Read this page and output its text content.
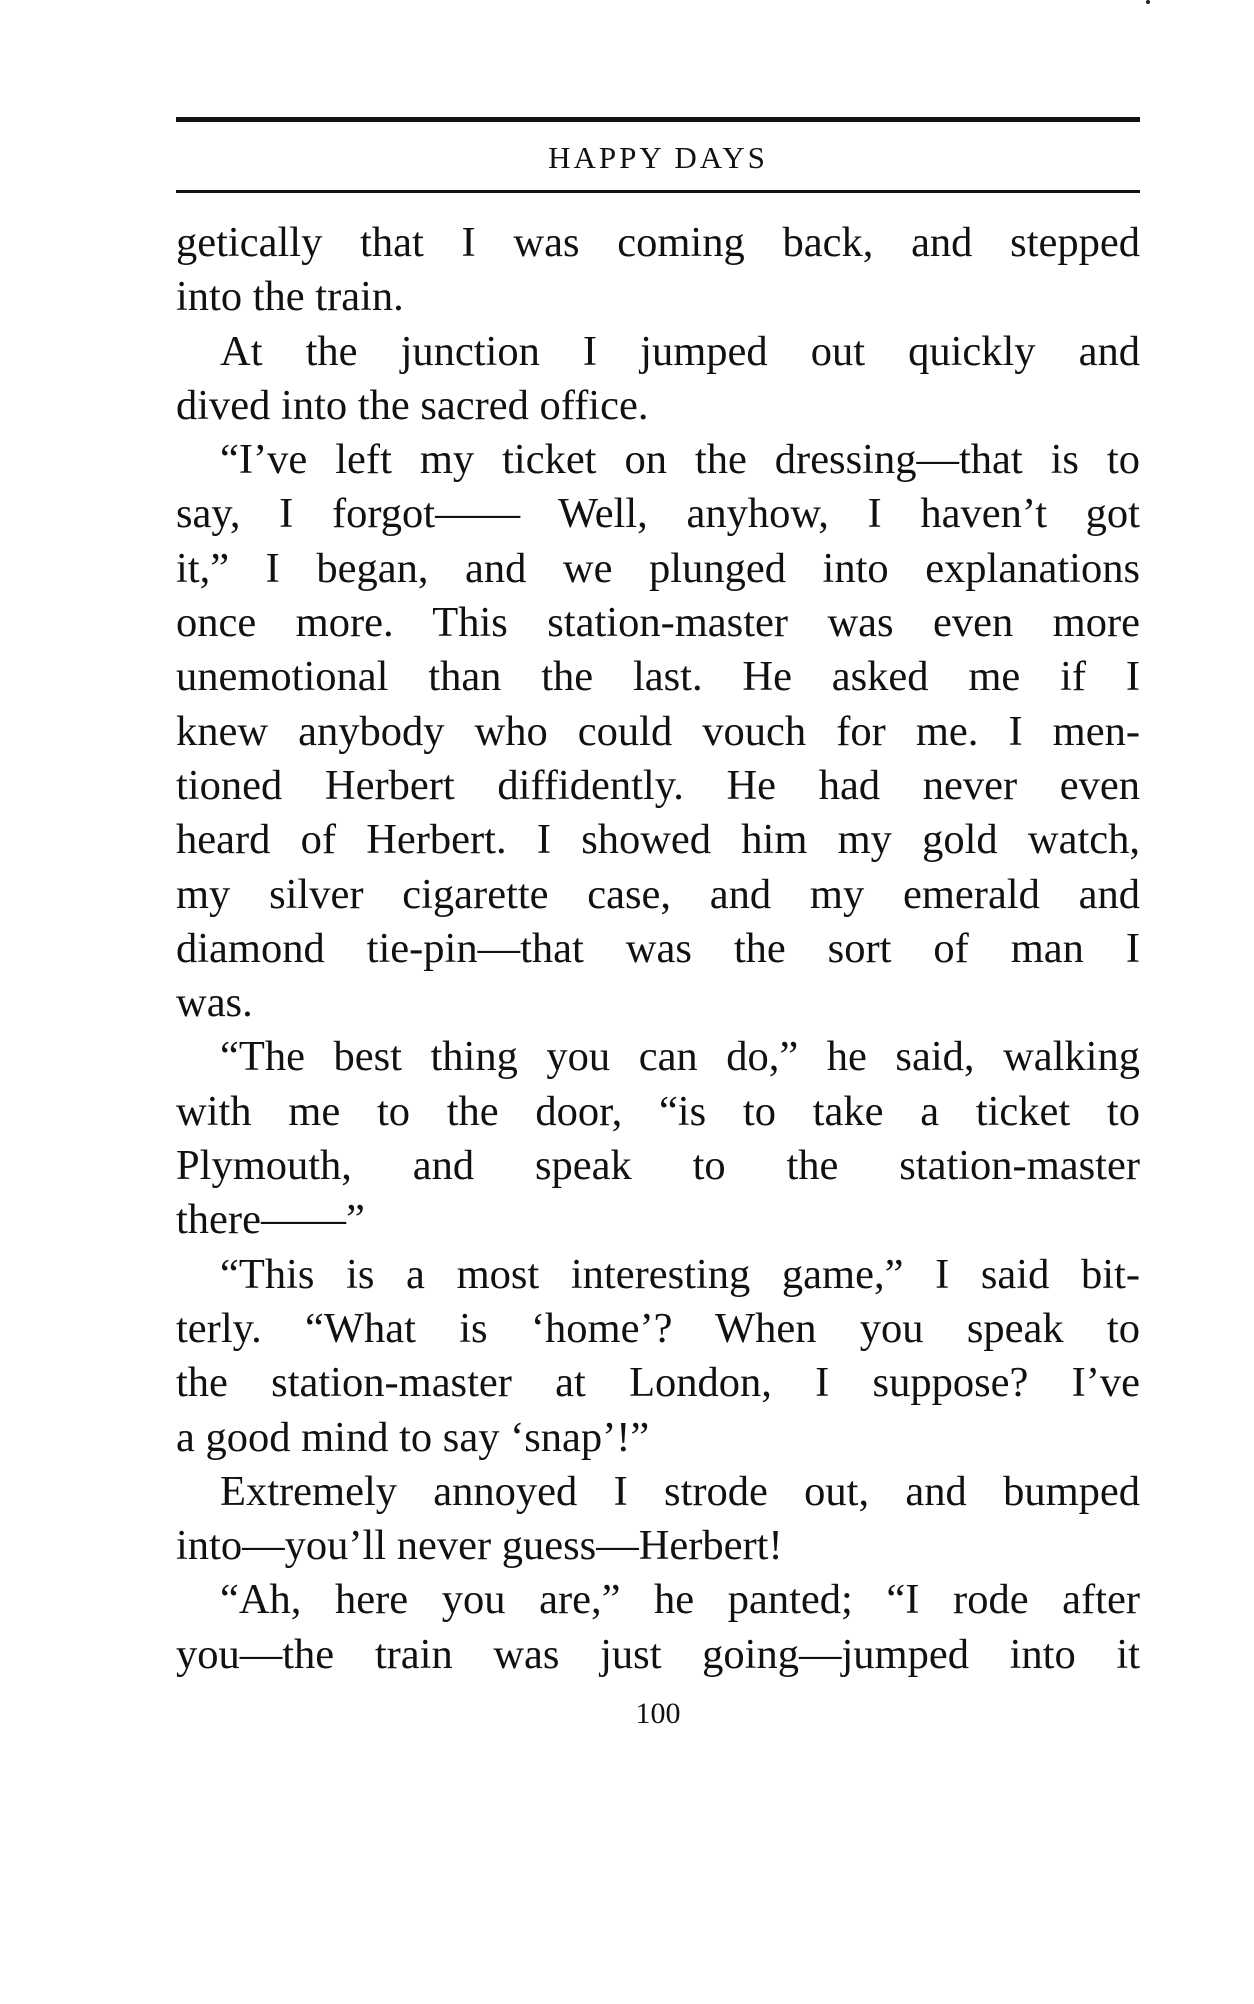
HAPPY DAYS
getically that I was coming back, and stepped
into the train.
At the junction I jumped out quickly and
dived into the sacred office.
“I’ve left my ticket on the dressing—that is to
say, I forgot—— Well, anyhow, I haven’t got
it,” I began, and we plunged into explanations
once more. This station-master was even more
unemotional than the last. He asked me if I
knew anybody who could vouch for me. I men-
tioned Herbert diffidently. He had never even
heard of Herbert. I showed him my gold watch,
my silver cigarette case, and my emerald and
diamond tie-pin—that was the sort of man I
was.
“The best thing you can do,” he said, walking
with me to the door, “is to take a ticket to
Plymouth, and speak to the station-master
there——”
“This is a most interesting game,” I said bit-
terly. “What is ‘home’? When you speak to
the station-master at London, I suppose? I’ve
a good mind to say ‘snap’!”
Extremely annoyed I strode out, and bumped
into—you’ll never guess—Herbert!
“Ah, here you are,” he panted; “I rode after
you—the train was just going—jumped into it
100
